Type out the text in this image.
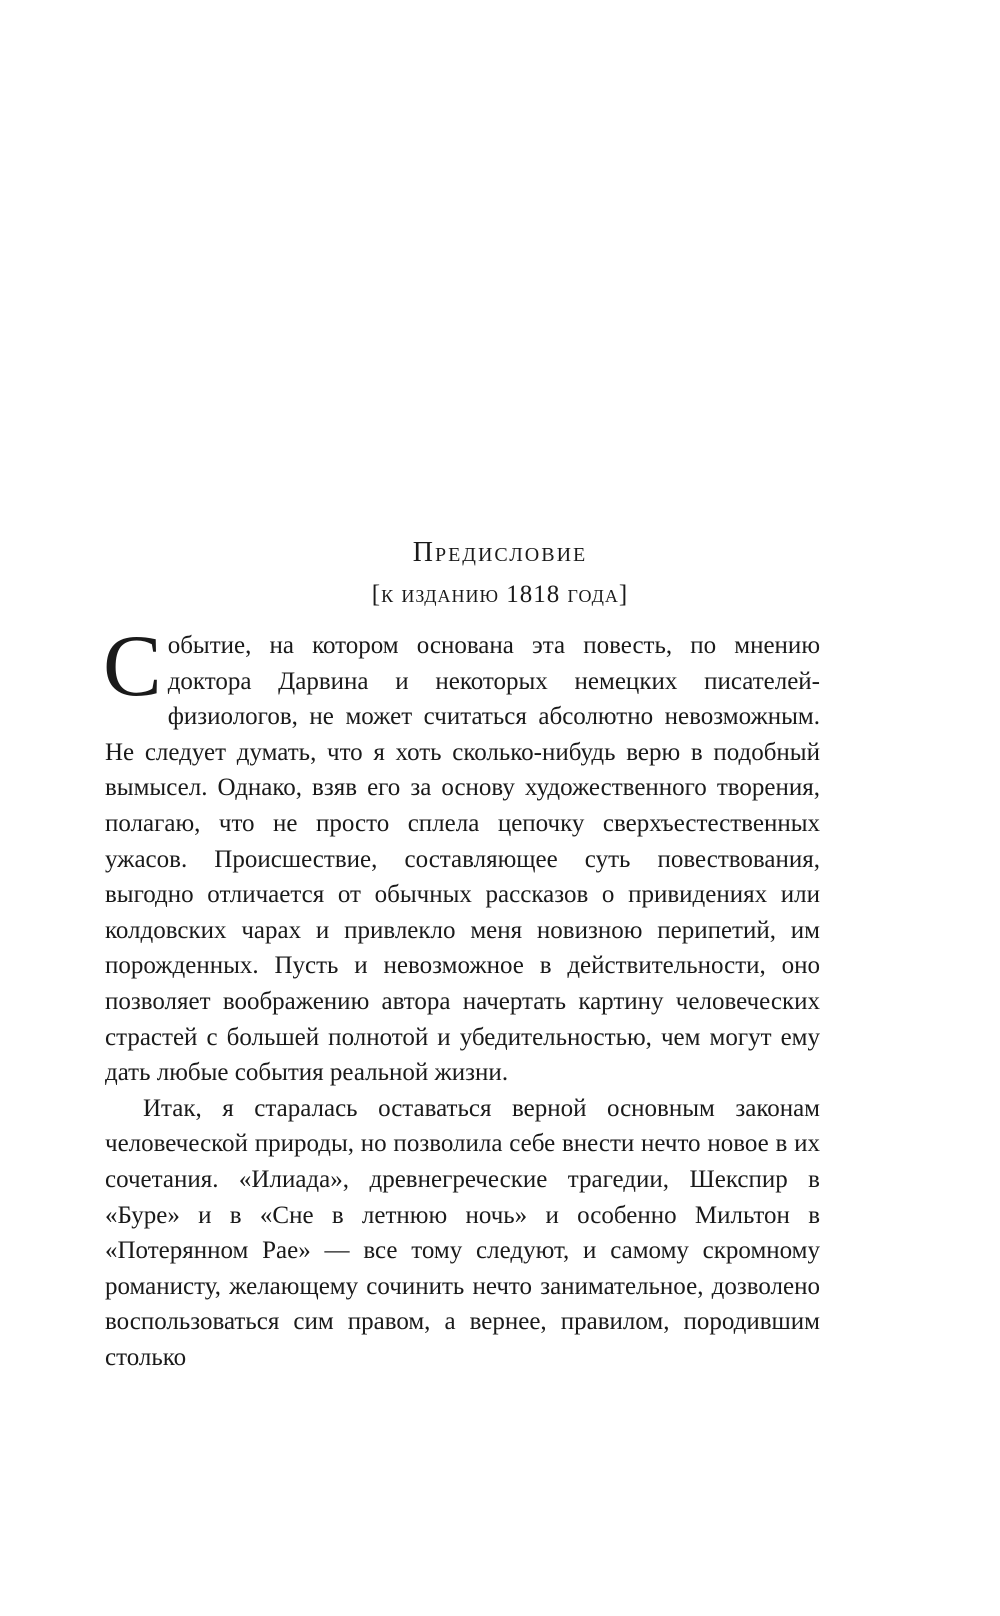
Предисловие
[к изданию 1818 года]

Событие, на котором основана эта повесть, по мнению доктора Дарвина и некоторых немецких писателей-физиологов, не может считаться абсолютно невозможным. Не следует думать, что я хоть сколько-нибудь верю в подобный вымысел. Однако, взяв его за основу художественного творения, полагаю, что не просто сплела цепочку сверхъестественных ужасов. Происшествие, составляющее суть повествования, выгодно отличается от обычных рассказов о привидениях или колдовских чарах и привлекло меня новизною перипетий, им порожденных. Пусть и невозможное в действительности, оно позволяет воображению автора начертать картину человеческих страстей с большей полнотой и убедительностью, чем могут ему дать любые события реальной жизни.

Итак, я старалась оставаться верной основным законам человеческой природы, но позволила себе внести нечто новое в их сочетания. «Илиада», древнегреческие трагедии, Шекспир в «Буре» и в «Сне в летнюю ночь» и особенно Мильтон в «Потерянном Рае» — все тому следуют, и самому скромному романисту, желающему сочинить нечто занимательное, дозволено воспользоваться сим правом, а вернее, правилом, породившим столько
